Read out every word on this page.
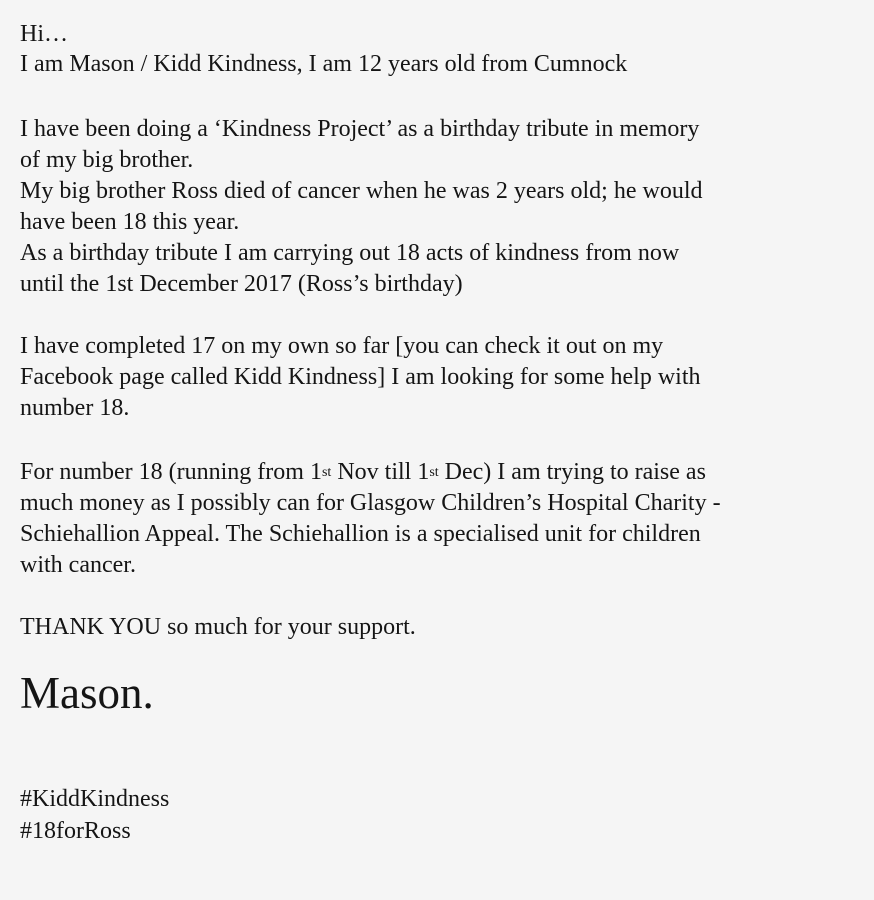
Hi…
I am Mason / Kidd Kindness, I am 12 years old from Cumnock
I have been doing a ‘Kindness Project’ as a birthday tribute in memory
of my big brother.
My big brother Ross died of cancer when he was 2 years old; he would
have been 18 this year.
As a birthday tribute I am carrying out 18 acts of kindness from now
until the 1st December 2017 (Ross’s birthday)
I have completed 17 on my own so far [you can check it out on my
Facebook page called Kidd Kindness] I am looking for some help with
number 18.
For number 18 (running from 1st Nov till 1st Dec) I am trying to raise as
much money as I possibly can for Glasgow Children’s Hospital Charity -
Schiehallion Appeal. The Schiehallion is a specialised unit for children
with cancer.
THANK YOU so much for your support.
Mason.
#KiddKindness
#18forRoss
